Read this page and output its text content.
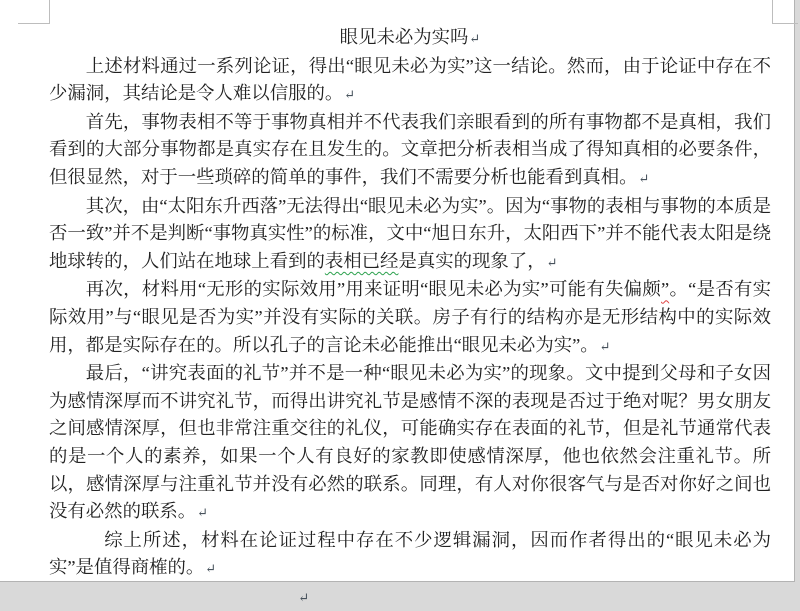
眼见未必为实吗↵

上述材料通过一系列论证，得出“眼见未必为实”这一结论。然而，由于论证中存在不少漏洞，其结论是令人难以信服的。↵

首先，事物表相不等于事物真相并不代表我们亲眼看到的所有事物都不是真相，我们看到的大部分事物都是真实存在且发生的。文章把分析表相当成了得知真相的必要条件，但很显然，对于一些琐碎的简单的事件，我们不需要分析也能看到真相。↵

其次，由“太阳东升西落”无法得出“眼见未必为实”。因为“事物的表相与事物的本质是否一致”并不是判断“事物真实性”的标准，文中“旭日东升，太阳西下”并不能代表太阳是绕地球转的，人们站在地球上看到的表相已经是真实的现象了，↵

再次，材料用“无形的实际效用”用来证明“眼见未必为实”可能有失偏颇”。“是否有实际效用”与“眼见是否为实”并没有实际的关联。房子有行的结构亦是无形结构中的实际效用，都是实际存在的。所以孔子的言论未必能推出“眼见未必为实”。↵

最后，“讲究表面的礼节”并不是一种“眼见未必为实”的现象。文中提到父母和子女因为感情深厚而不讲究礼节，而得出讲究礼节是感情不深的表现是否过于绝对呢？男女朋友之间感情深厚，但也非常注重交往的礼仪，可能确实存在表面的礼节，但是礼节通常代表的是一个人的素养，如果一个人有良好的家教即使感情深厚，他也依然会注重礼节。所以，感情深厚与注重礼节并没有必然的联系。同理，有人对你很客气与是否对你好之间也没有必然的联系。↵

综上所述，材料在论证过程中存在不少逻辑漏洞，因而作者得出的“眼见未必为实”是值得商榷的。↵

↵
